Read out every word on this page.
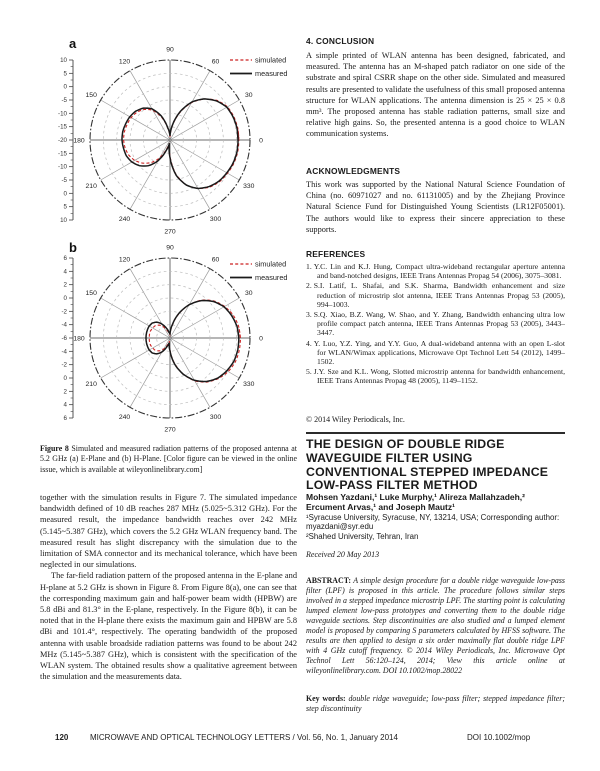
a
10
5
0
-5
-10
-15
-20
-15
-10
-5
0
5
10
0
30
60
90
120
150
180
210
240
270
300
330
simulated
measured
b
6
4
2
0
-2
-4
-6
-4
-2
0
2
4
6
0
30
60
90
120
150
180
210
240
270
300
330
simulated
measured

Figure 8 Simulated and measured radiation patterns of the proposed antenna at 5.2 GHz (a) E-Plane and (b) H-Plane. [Color figure can be viewed in the online issue, which is available at wileyonlinelibrary.com]

together with the simulation results in Figure 7. The simulated impedance bandwidth defined of 10 dB reaches 287 MHz (5.025~5.312 GHz). For the measured result, the impedance bandwidth reaches over 242 MHz (5.145~5.387 GHz), which covers the 5.2 GHz WLAN frequency band. The measured result has slight discrepancy with the simulation due to the limitation of SMA connector and its mechanical tolerance, which have been neglected in our simulations.

The far-field radiation pattern of the proposed antenna in the E-plane and H-plane at 5.2 GHz is shown in Figure 8. From Figure 8(a), one can see that the corresponding maximum gain and half-power beam width (HPBW) are 5.8 dBi and 81.3° in the E-plane, respectively. In the Figure 8(b), it can be noted that in the H-plane there exists the maximum gain and HPBW are 5.8 dBi and 101.4°, respectively. The operating bandwidth of the proposed antenna with usable broadside radiation patterns was found to be about 242 MHz (5.145~5.387 GHz), which is consistent with the specification of the WLAN system. The obtained results show a qualitative agreement between the simulation and the measurements data.

4. CONCLUSION
A simple printed of WLAN antenna has been designed, fabricated, and measured. The antenna has an M-shaped patch radiator on one side of the substrate and spiral CSRR shape on the other side. Simulated and measured results are presented to validate the usefulness of this small proposed antenna structure for WLAN applications. The antenna dimension is 25 × 25 × 0.8 mm³. The proposed antenna has stable radiation patterns, small size and relative high gains. So, the presented antenna is a good choice to WLAN communication systems.
ACKNOWLEDGMENTS
This work was supported by the National Natural Science Foundation of China (no. 60971027 and no. 61131005) and by the Zhejiang Province Natural Science Fund for Distinguished Young Scientists (LR12F05001). The authors would like to express their sincere appreciation to these supports.
REFERENCES

1. Y.C. Lin and K.J. Hung, Compact ultra-wideband rectangular aperture antenna and band-notched designs, IEEE Trans Antennas Propag 54 (2006), 3075–3081.

2. S.I. Latif, L. Shafai, and S.K. Sharma, Bandwidth enhancement and size reduction of microstrip slot antenna, IEEE Trans Antennas Propag 53 (2005), 994–1003.

3. S.Q. Xiao, B.Z. Wang, W. Shao, and Y. Zhang, Bandwidth enhancing ultra low profile compact patch antenna, IEEE Trans Antennas Propag 53 (2005), 3443–3447.

4. Y. Luo, Y.Z. Ying, and Y.Y. Guo, A dual-wideband antenna with an open L-slot for WLAN/Wimax applications, Microwave Opt Technol Lett 54 (2012), 1499–1502.

5. J.Y. Sze and K.L. Wong, Slotted microstrip antenna for bandwidth enhancement, IEEE Trans Antennas Propag 48 (2005), 1149–1152.

© 2014 Wiley Periodicals, Inc.
THE DESIGN OF DOUBLE RIDGE WAVEGUIDE FILTER USING CONVENTIONAL STEPPED IMPEDANCE LOW-PASS FILTER METHOD
Mohsen Yazdani,¹ Luke Murphy,¹ Alireza Mallahzadeh,²
Ercument Arvas,¹ and Joseph Mautz¹
¹Syracuse University, Syracuse, NY, 13214, USA; Corresponding author: myazdani@syr.edu
²Shahed University, Tehran, Iran
Received 20 May 2013

ABSTRACT: A simple design procedure for a double ridge waveguide low-pass filter (LPF) is proposed in this article. The procedure follows similar steps involved in a stepped impedance microstrip LPF. The starting point is calculating lumped element low-pass prototypes and converting them to the double ridge waveguide sections. Step discontinuities are also studied and a lumped element model is proposed by comparing S parameters calculated by HFSS software. The results are then applied to design a six order maximally flat double ridge LPF with 4 GHz cutoff frequency. © 2014 Wiley Periodicals, Inc. Microwave Opt Technol Lett 56:120–124, 2014; View this article online at wileyonlinelibrary.com. DOI 10.1002/mop.28022

Key words: double ridge waveguide; low-pass filter; stepped impedance filter; step discontinuity

120	MICROWAVE AND OPTICAL TECHNOLOGY LETTERS / Vol. 56, No. 1, January 2014	DOI 10.1002/mop
